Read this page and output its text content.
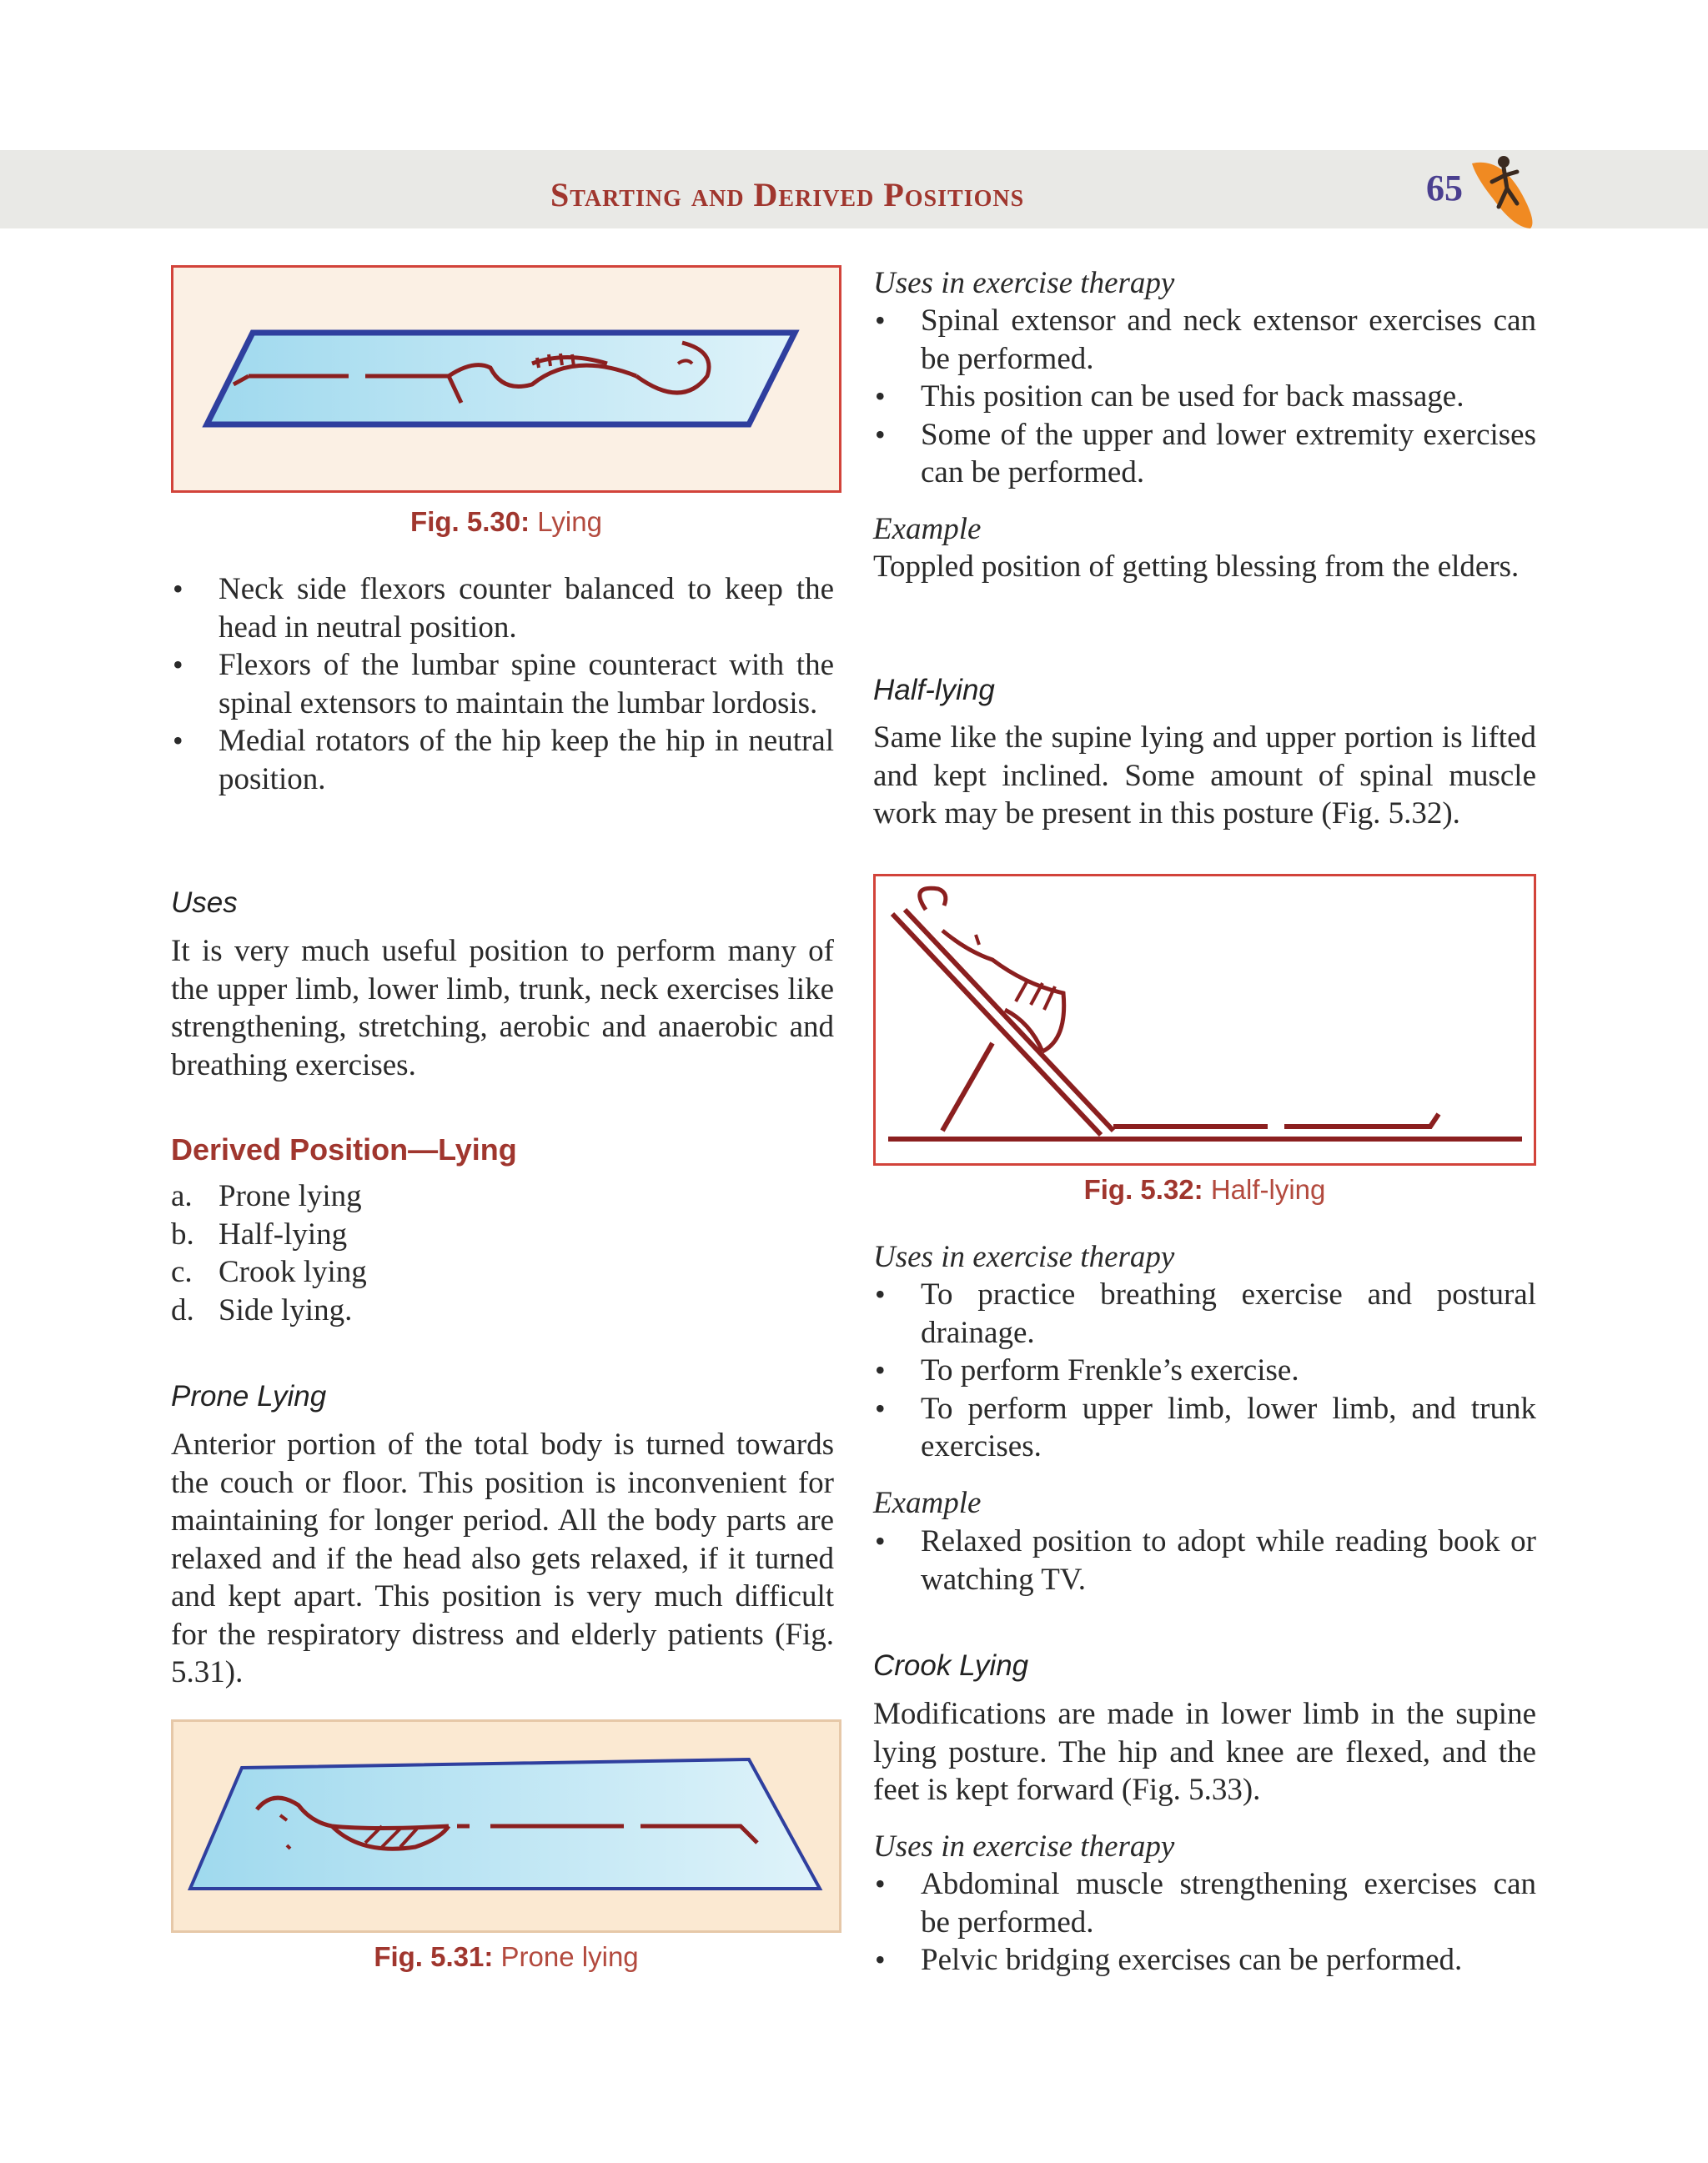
Starting and Derived Positions	65
Fig. 5.30: Lying
• Neck side flexors counter balanced to keep the head in neutral position.
• Flexors of the lumbar spine counteract with the spinal extensors to maintain the lumbar lordosis.
• Medial rotators of the hip keep the hip in neutral position.
Uses
It is very much useful position to perform many of the upper limb, lower limb, trunk, neck exercises like strengthening, stretching, aerobic and anaerobic and breathing exercises.
Derived Position—Lying
a. Prone lying
b. Half-lying
c. Crook lying
d. Side lying.
Prone Lying
Anterior portion of the total body is turned towards the couch or floor. This position is inconvenient for maintaining for longer period. All the body parts are relaxed and if the head also gets relaxed, if it turned and kept apart. This position is very much difficult for the respiratory distress and elderly patients (Fig. 5.31).
Fig. 5.31: Prone lying
Uses in exercise therapy
• Spinal extensor and neck extensor exercises can be performed.
• This position can be used for back massage.
• Some of the upper and lower extremity exercises can be performed.
Example
Toppled position of getting blessing from the elders.
Half-lying
Same like the supine lying and upper portion is lifted and kept inclined. Some amount of spinal muscle work may be present in this posture (Fig. 5.32).
Fig. 5.32: Half-lying
Uses in exercise therapy
• To practice breathing exercise and postural drainage.
• To perform Frenkle’s exercise.
• To perform upper limb, lower limb, and trunk exercises.
Example
• Relaxed position to adopt while reading book or watching TV.
Crook Lying
Modifications are made in lower limb in the supine lying posture. The hip and knee are flexed, and the feet is kept forward (Fig. 5.33).
Uses in exercise therapy
• Abdominal muscle strengthening exercises can be performed.
• Pelvic bridging exercises can be performed.
